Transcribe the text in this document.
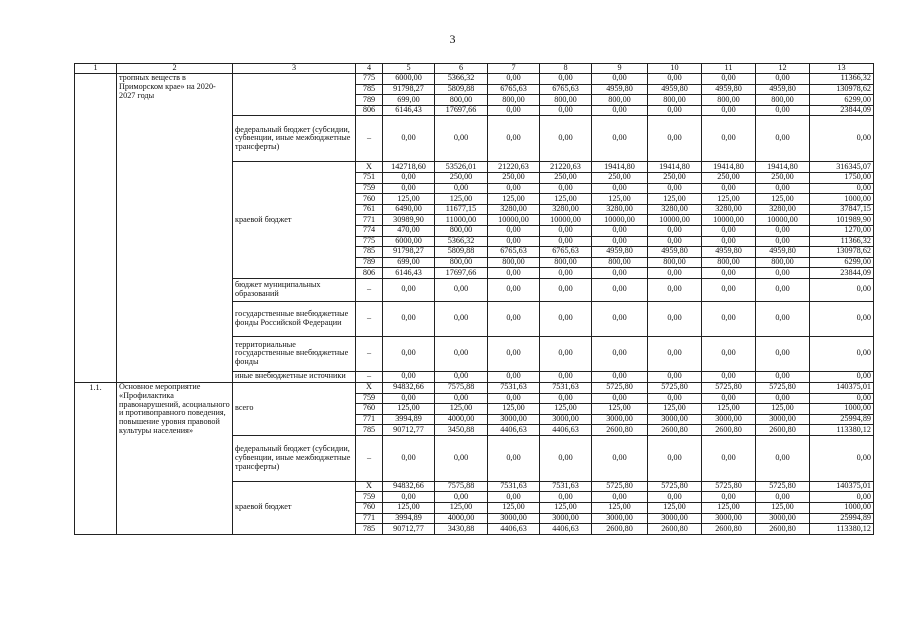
3
1	2	3	4	5	6	7	8	9	10	11	12	13
	тропных веществ в Приморском крае» на 2020-2027 годы		775	6000,00	5366,32	0,00	0,00	0,00	0,00	0,00	0,00	11366,32
			785	91798,27	5809,88	6765,63	6765,63	4959,80	4959,80	4959,80	4959,80	130978,62
			789	699,00	800,00	800,00	800,00	800,00	800,00	800,00	800,00	6299,00
			806	6146,43	17697,66	0,00	0,00	0,00	0,00	0,00	0,00	23844,09
		федеральный бюджет (субсидии, субвенции, иные межбюджетные трансферты)	–	0,00	0,00	0,00	0,00	0,00	0,00	0,00	0,00	0,00
		краевой бюджет	Х	142718,60	53526,01	21220,63	21220,63	19414,80	19414,80	19414,80	19414,80	316345,07
			751	0,00	250,00	250,00	250,00	250,00	250,00	250,00	250,00	1750,00
			759	0,00	0,00	0,00	0,00	0,00	0,00	0,00	0,00	0,00
			760	125,00	125,00	125,00	125,00	125,00	125,00	125,00	125,00	1000,00
			761	6490,00	11677,15	3280,00	3280,00	3280,00	3280,00	3280,00	3280,00	37847,15
			771	30989,90	11000,00	10000,00	10000,00	10000,00	10000,00	10000,00	10000,00	101989,90
			774	470,00	800,00	0,00	0,00	0,00	0,00	0,00	0,00	1270,00
			775	6000,00	5366,32	0,00	0,00	0,00	0,00	0,00	0,00	11366,32
			785	91798,27	5809,88	6765,63	6765,63	4959,80	4959,80	4959,80	4959,80	130978,62
			789	699,00	800,00	800,00	800,00	800,00	800,00	800,00	800,00	6299,00
			806	6146,43	17697,66	0,00	0,00	0,00	0,00	0,00	0,00	23844,09
		бюджет муниципальных образований	–	0,00	0,00	0,00	0,00	0,00	0,00	0,00	0,00	0,00
		государственные внебюджетные фонды Российской Федерации	–	0,00	0,00	0,00	0,00	0,00	0,00	0,00	0,00	0,00
		территориальные государственные внебюджетные фонды	–	0,00	0,00	0,00	0,00	0,00	0,00	0,00	0,00	0,00
		иные внебюджетные источники	–	0,00	0,00	0,00	0,00	0,00	0,00	0,00	0,00	0,00
1.1.	Основное мероприятие «Профилактика правонарушений, асоциального и противоправного поведения, повышение уровня правовой культуры населения»	всего	Х	94832,66	7575,88	7531,63	7531,63	5725,80	5725,80	5725,80	5725,80	140375,01
			759	0,00	0,00	0,00	0,00	0,00	0,00	0,00	0,00	0,00
			760	125,00	125,00	125,00	125,00	125,00	125,00	125,00	125,00	1000,00
			771	3994,89	4000,00	3000,00	3000,00	3000,00	3000,00	3000,00	3000,00	25994,89
			785	90712,77	3450,88	4406,63	4406,63	2600,80	2600,80	2600,80	2600,80	113380,12
		федеральный бюджет (субсидии, субвенции, иные межбюджетные трансферты)	–	0,00	0,00	0,00	0,00	0,00	0,00	0,00	0,00	0,00
		краевой бюджет	Х	94832,66	7575,88	7531,63	7531,63	5725,80	5725,80	5725,80	5725,80	140375,01
			759	0,00	0,00	0,00	0,00	0,00	0,00	0,00	0,00	0,00
			760	125,00	125,00	125,00	125,00	125,00	125,00	125,00	125,00	1000,00
			771	3994,89	4000,00	3000,00	3000,00	3000,00	3000,00	3000,00	3000,00	25994,89
			785	90712,77	3430,88	4406,63	4406,63	2600,80	2600,80	2600,80	2600,80	113380,12
